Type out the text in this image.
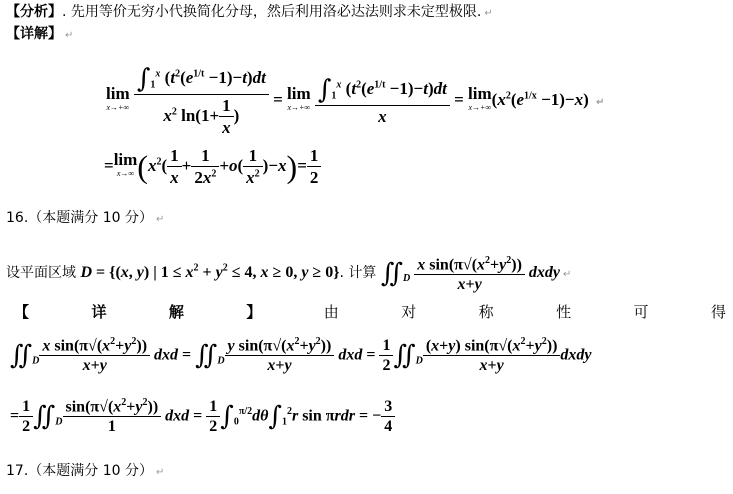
【分析】. 先用等价无穷小代换简化分母，然后利用洛必达法则求未定型极限. ↵
【详解】 ↵
lim
x→+∞
$\frac{\int_1^x (t^2(e^{1/t} -1)-t)dt}{x^2 \ln(1+ \frac{1}{x} )} = \lim$
x→+∞
$\frac{\int_1^x (t^2(e^{1/t} -1)-t)dt}{x} = \lim$
x→+∞ $(x^2(e^{1/x} -1)-x)$ ↵
=lim
x→∞ ($x^2( \frac{1}{x} + \frac{1}{2x^2} +o( \frac{1}{x^2} )-x)= \frac{1}{2}$
16.（本题满分 10 分） ↵
设平面区域 D = {(x, y) | $1 \le x^2 + y^2 \le 4$, x ≥ 0, y ≥ 0}. 计算 $∬_D \frac{x \sin(\pi√(x^2+y^2))}{x+y}$ dxdy ↵
【	详	解	】	由	对	称	性	可	得
$∬_D \frac{x \sin(\pi√(x^2+y^2))}{x+y}$ dxd = $∬_D \frac{y \sin(\pi√(x^2+y^2))}{x+y}$ dxd = $\frac{1}{2}$ $∬_D \frac{(x+y) \sin(\pi√(x^2+y^2))}{x+y}$ dxdy
= $\frac{1}{2}$ $∬_D \frac{\sin(\pi√(x^2+y^2))}{1}$ dxd = $\frac{1}{2} \int_0^{\pi/2}d\theta\int_1^2r$ sin πrdr = − $\frac{3}{4}$
17.（本题满分 10 分） ↵
